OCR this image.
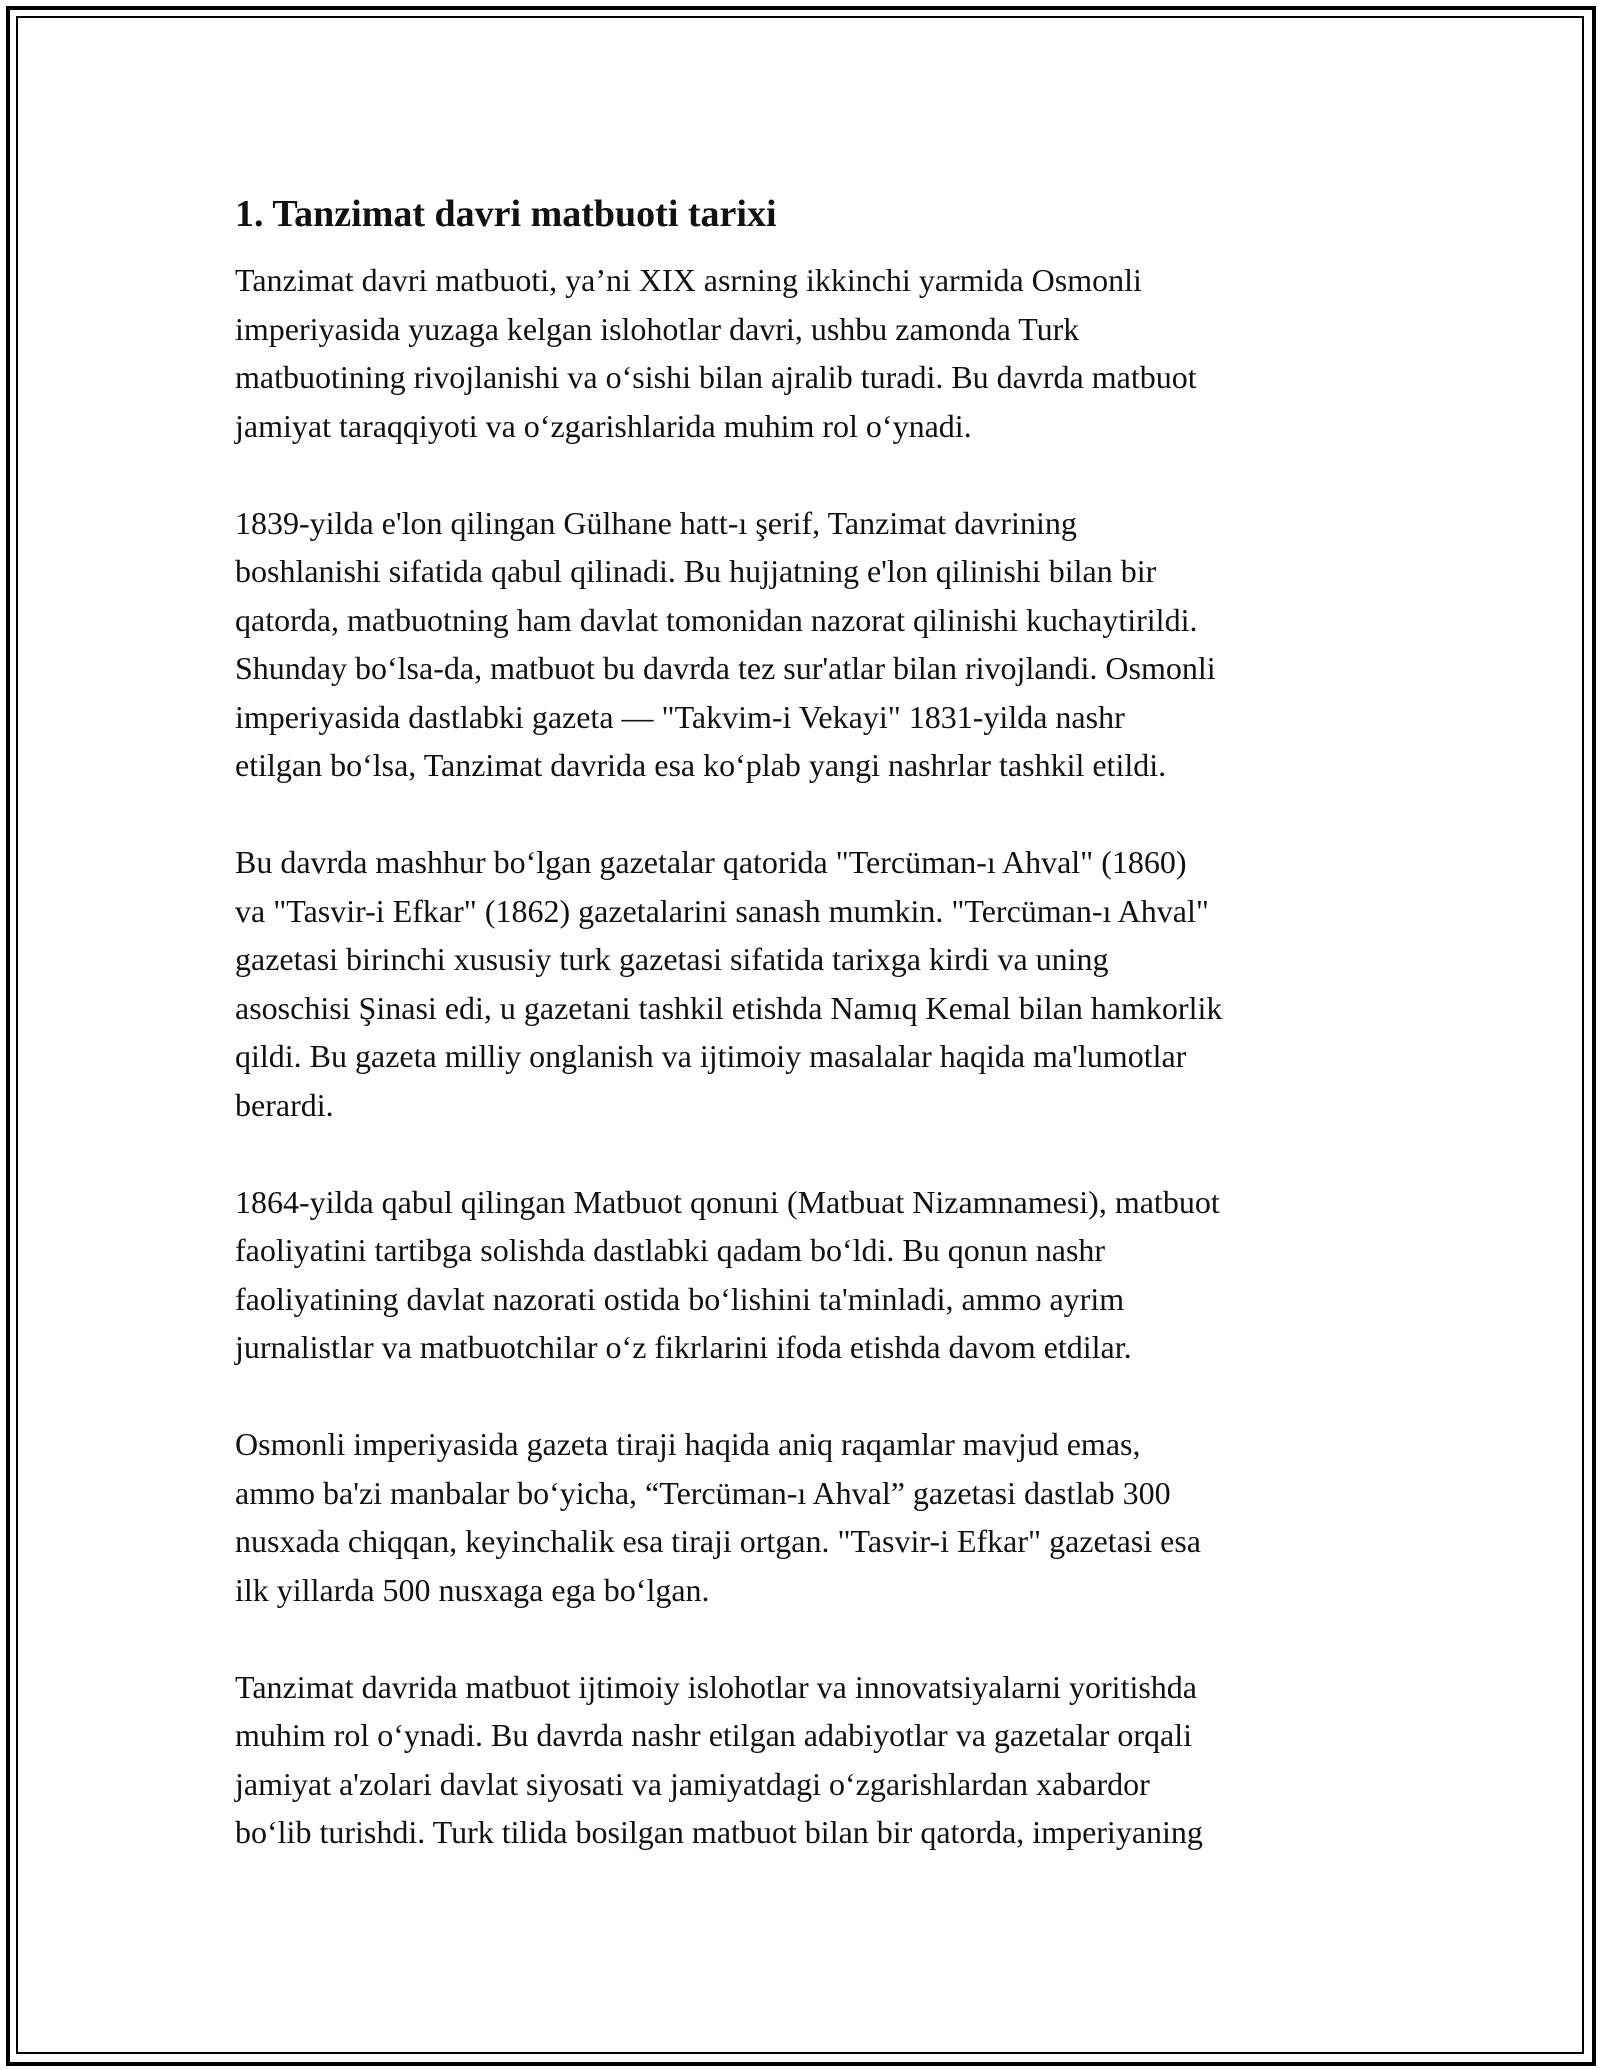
1. Tanzimat davri matbuoti tarixi

Tanzimat davri matbuoti, ya’ni XIX asrning ikkinchi yarmida Osmonli
imperiyasida yuzaga kelgan islohotlar davri, ushbu zamonda Turk
matbuotining rivojlanishi va o‘sishi bilan ajralib turadi. Bu davrda matbuot
jamiyat taraqqiyoti va o‘zgarishlarida muhim rol o‘ynadi.

1839-yilda e'lon qilingan Gülhane hatt-ı şerif, Tanzimat davrining
boshlanishi sifatida qabul qilinadi. Bu hujjatning e'lon qilinishi bilan bir
qatorda, matbuotning ham davlat tomonidan nazorat qilinishi kuchaytirildi.
Shunday bo‘lsa-da, matbuot bu davrda tez sur'atlar bilan rivojlandi. Osmonli
imperiyasida dastlabki gazeta — "Takvim-i Vekayi" 1831-yilda nashr
etilgan bo‘lsa, Tanzimat davrida esa ko‘plab yangi nashrlar tashkil etildi.

Bu davrda mashhur bo‘lgan gazetalar qatorida "Tercüman-ı Ahval" (1860)
va "Tasvir-i Efkar" (1862) gazetalarini sanash mumkin. "Tercüman-ı Ahval"
gazetasi birinchi xususiy turk gazetasi sifatida tarixga kirdi va uning
asoschisi Şinasi edi, u gazetani tashkil etishda Namıq Kemal bilan hamkorlik
qildi. Bu gazeta milliy onglanish va ijtimoiy masalalar haqida ma'lumotlar
berardi.

1864-yilda qabul qilingan Matbuot qonuni (Matbuat Nizamnamesi), matbuot
faoliyatini tartibga solishda dastlabki qadam bo‘ldi. Bu qonun nashr
faoliyatining davlat nazorati ostida bo‘lishini ta'minladi, ammo ayrim
jurnalistlar va matbuotchilar o‘z fikrlarini ifoda etishda davom etdilar.

Osmonli imperiyasida gazeta tiraji haqida aniq raqamlar mavjud emas,
ammo ba'zi manbalar bo‘yicha, “Tercüman-ı Ahval” gazetasi dastlab 300
nusxada chiqqan, keyinchalik esa tiraji ortgan. "Tasvir-i Efkar" gazetasi esa
ilk yillarda 500 nusxaga ega bo‘lgan.

Tanzimat davrida matbuot ijtimoiy islohotlar va innovatsiyalarni yoritishda
muhim rol o‘ynadi. Bu davrda nashr etilgan adabiyotlar va gazetalar orqali
jamiyat a'zolari davlat siyosati va jamiyatdagi o‘zgarishlardan xabardor
bo‘lib turishdi. Turk tilida bosilgan matbuot bilan bir qatorda, imperiyaning
